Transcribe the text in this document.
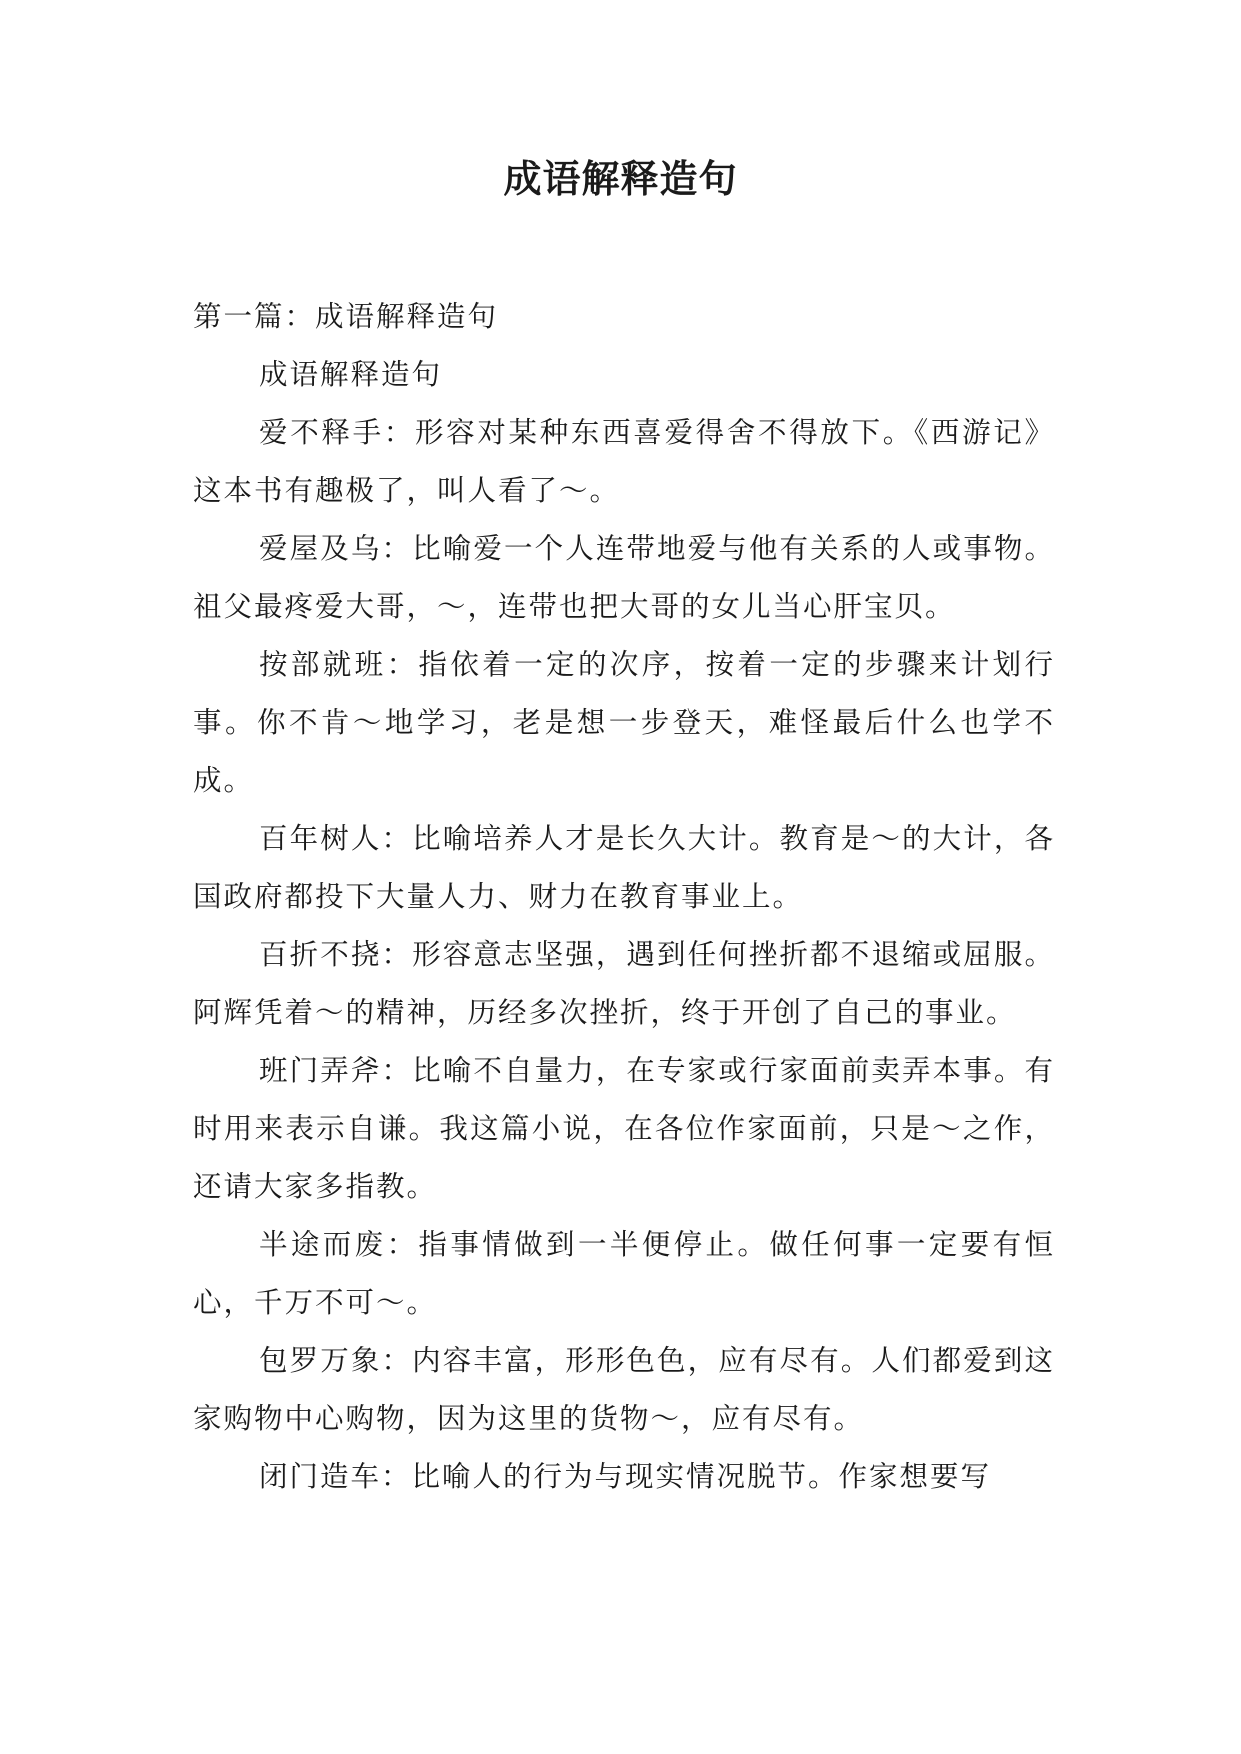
成语解释造句

第一篇：成语解释造句

成语解释造句

爱不释手：形容对某种东西喜爱得舍不得放下。《西游记》这本书有趣极了，叫人看了～。

爱屋及乌：比喻爱一个人连带地爱与他有关系的人或事物。祖父最疼爱大哥，～，连带也把大哥的女儿当心肝宝贝。

按部就班：指依着一定的次序，按着一定的步骤来计划行事。你不肯～地学习，老是想一步登天，难怪最后什么也学不成。

百年树人：比喻培养人才是长久大计。教育是～的大计，各国政府都投下大量人力、财力在教育事业上。

百折不挠：形容意志坚强，遇到任何挫折都不退缩或屈服。阿辉凭着～的精神，历经多次挫折，终于开创了自己的事业。

班门弄斧：比喻不自量力，在专家或行家面前卖弄本事。有时用来表示自谦。我这篇小说，在各位作家面前，只是～之作，还请大家多指教。

半途而废：指事情做到一半便停止。做任何事一定要有恒心，千万不可～。

包罗万象：内容丰富，形形色色，应有尽有。人们都爱到这家购物中心购物，因为这里的货物～，应有尽有。

闭门造车：比喻人的行为与现实情况脱节。作家想要写
